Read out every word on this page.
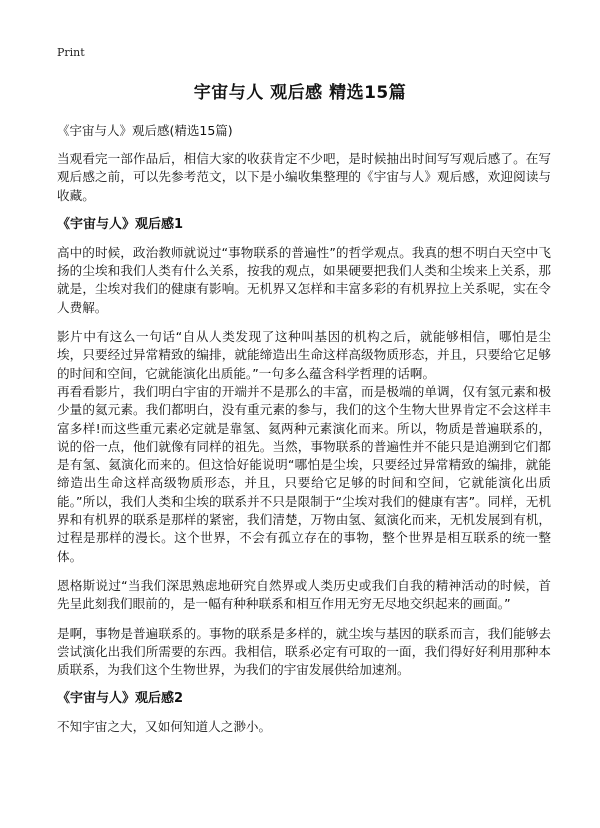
Print
宇宙与人 观后感 精选15篇
《宇宙与人》观后感(精选15篇)

当观看完一部作品后，相信大家的收获肯定不少吧，是时候抽出时间写写观后感了。在写观后感之前，可以先参考范文，以下是小编收集整理的《宇宙与人》观后感，欢迎阅读与收藏。

《宇宙与人》观后感1

高中的时候，政治教师就说过“事物联系的普遍性”的哲学观点。我真的想不明白天空中飞扬的尘埃和我们人类有什么关系，按我的观点，如果硬要把我们人类和尘埃来上关系，那就是，尘埃对我们的健康有影响。无机界又怎样和丰富多彩的有机界拉上关系呢，实在令人费解。

影片中有这么一句话“自从人类发现了这种叫基因的机构之后，就能够相信，哪怕是尘埃，只要经过异常精致的编排，就能缔造出生命这样高级物质形态，并且，只要给它足够的时间和空间，它就能演化出质能。”一句多么蕴含科学哲理的话啊。

再看看影片，我们明白宇宙的开端并不是那么的丰富，而是极端的单调，仅有氢元素和极少量的氦元素。我们都明白，没有重元素的参与，我们的这个生物大世界肯定不会这样丰富多样!而这些重元素必定就是靠氢、氦两种元素演化而来。所以，物质是普遍联系的，说的俗一点，他们就像有同样的祖先。当然，事物联系的普遍性并不能只是追溯到它们都是有氢、氦演化而来的。但这恰好能说明“哪怕是尘埃，只要经过异常精致的编排，就能缔造出生命这样高级物质形态，并且，只要给它足够的时间和空间，它就能演化出质能。”所以，我们人类和尘埃的联系并不只是限制于“尘埃对我们的健康有害”。同样，无机界和有机界的联系是那样的紧密，我们清楚，万物由氢、氦演化而来，无机发展到有机，过程是那样的漫长。这个世界，不会有孤立存在的事物，整个世界是相互联系的统一整体。

恩格斯说过“当我们深思熟虑地研究自然界或人类历史或我们自我的精神活动的时候，首先呈此刻我们眼前的，是一幅有种种联系和相互作用无穷无尽地交织起来的画面。”

是啊，事物是普遍联系的。事物的联系是多样的，就尘埃与基因的联系而言，我们能够去尝试演化出我们所需要的东西。我相信，联系必定有可取的一面，我们得好好利用那种本质联系，为我们这个生物世界，为我们的宇宙发展供给加速剂。

《宇宙与人》观后感2

不知宇宙之大，又如何知道人之渺小。
